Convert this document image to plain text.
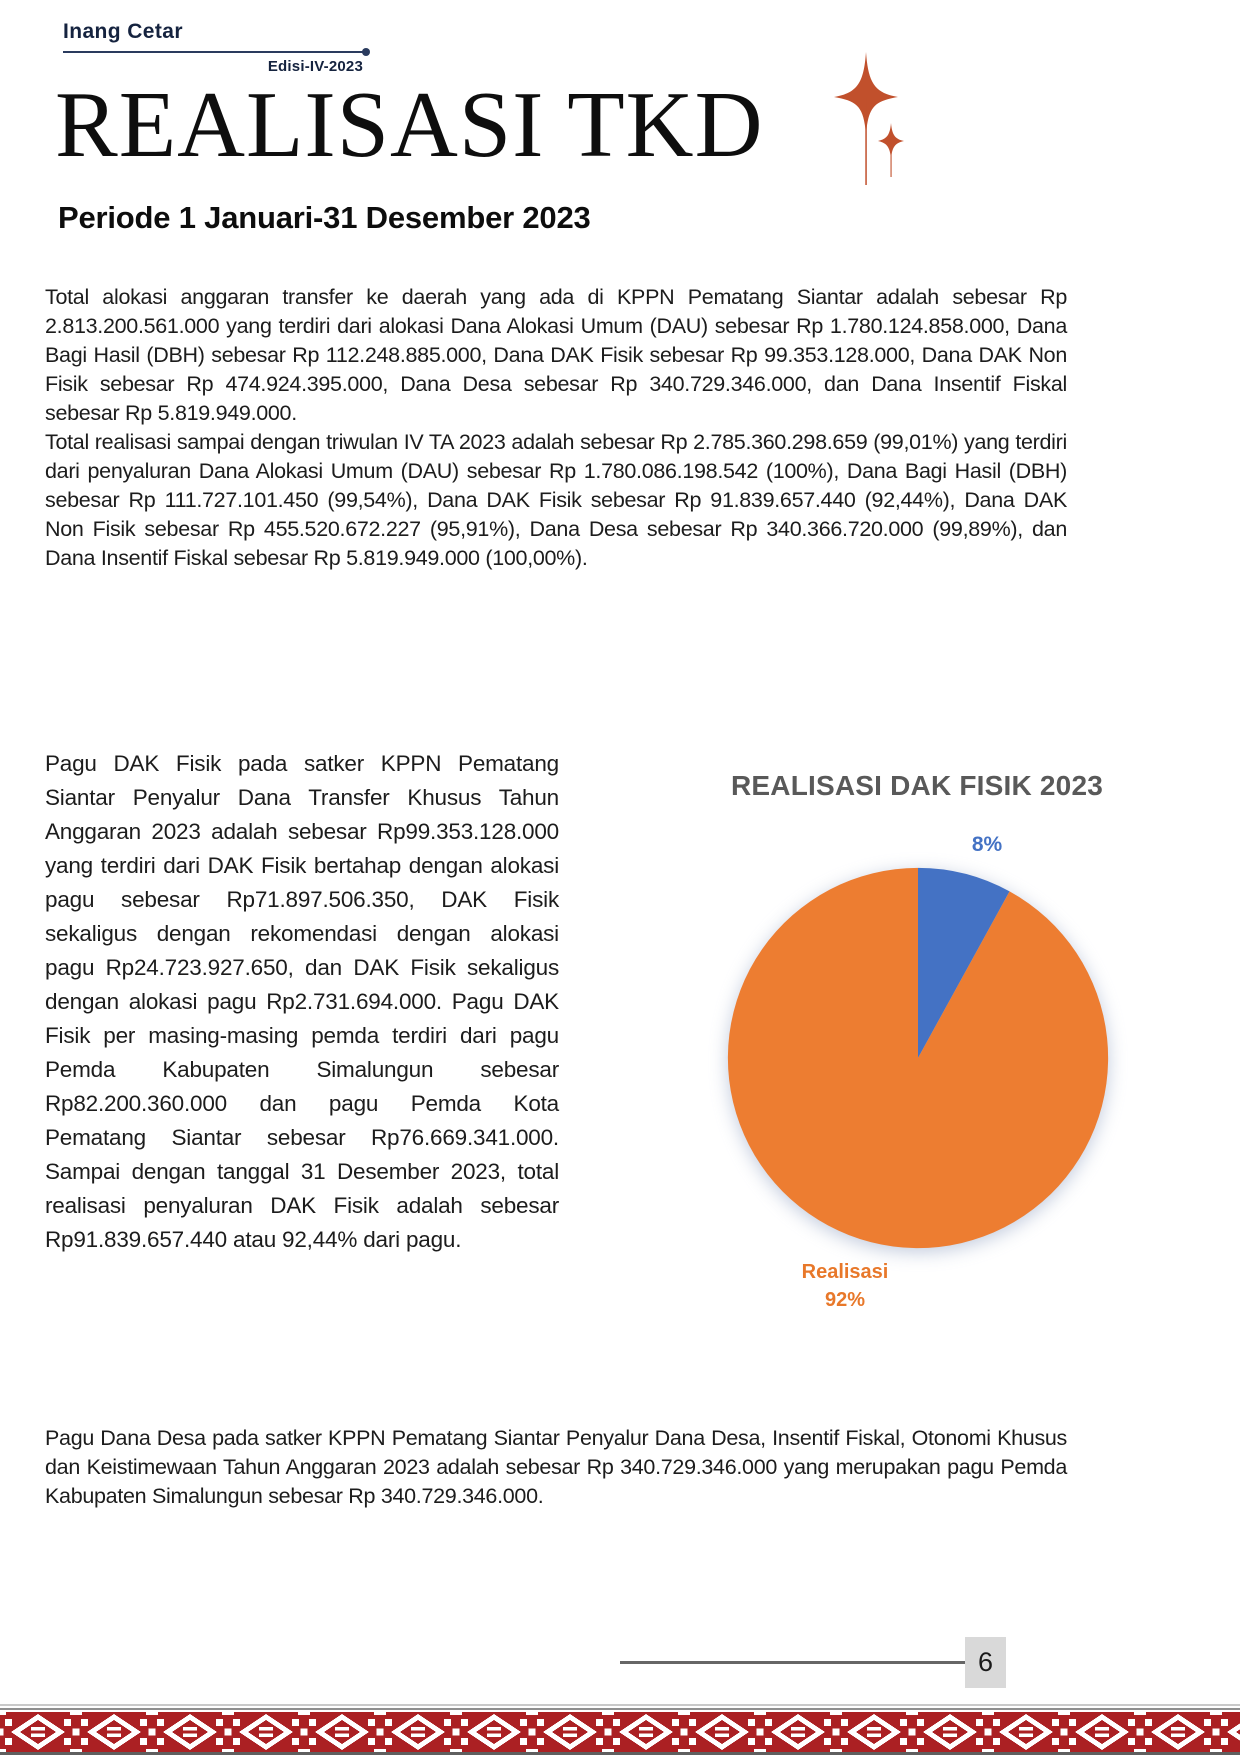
Inang Cetar
Edisi-IV-2023
REALISASI TKD
Periode 1 Januari-31 Desember 2023

Total alokasi anggaran transfer ke daerah yang ada di KPPN Pematang Siantar adalah sebesar Rp 2.813.200.561.000 yang terdiri dari alokasi Dana Alokasi Umum (DAU) sebesar Rp 1.780.124.858.000, Dana Bagi Hasil (DBH) sebesar Rp 112.248.885.000, Dana DAK Fisik sebesar Rp 99.353.128.000, Dana DAK Non Fisik sebesar Rp 474.924.395.000, Dana Desa sebesar Rp 340.729.346.000, dan Dana Insentif Fiskal sebesar Rp 5.819.949.000.

Total realisasi sampai dengan triwulan IV TA 2023 adalah sebesar Rp 2.785.360.298.659 (99,01%) yang terdiri dari penyaluran Dana Alokasi Umum (DAU) sebesar Rp 1.780.086.198.542 (100%), Dana Bagi Hasil (DBH) sebesar Rp 111.727.101.450 (99,54%), Dana DAK Fisik sebesar Rp 91.839.657.440 (92,44%), Dana DAK Non Fisik sebesar Rp 455.520.672.227 (95,91%), Dana Desa sebesar Rp 340.366.720.000 (99,89%), dan Dana Insentif Fiskal sebesar Rp 5.819.949.000 (100,00%).

Pagu DAK Fisik pada satker KPPN Pematang Siantar Penyalur Dana Transfer Khusus Tahun Anggaran 2023 adalah sebesar Rp99.353.128.000 yang terdiri dari DAK Fisik bertahap dengan alokasi pagu sebesar Rp71.897.506.350, DAK Fisik sekaligus dengan rekomendasi dengan alokasi pagu Rp24.723.927.650, dan DAK Fisik sekaligus dengan alokasi pagu Rp2.731.694.000. Pagu DAK Fisik per masing-masing pemda terdiri dari pagu Pemda Kabupaten Simalungun sebesar Rp82.200.360.000 dan pagu Pemda Kota Pematang Siantar sebesar Rp76.669.341.000. Sampai dengan tanggal 31 Desember 2023, total realisasi penyaluran DAK Fisik adalah sebesar Rp91.839.657.440 atau 92,44% dari pagu.

REALISASI DAK FISIK 2023
8%
Realisasi
92%

Pagu Dana Desa pada satker KPPN Pematang Siantar Penyalur Dana Desa, Insentif Fiskal, Otonomi Khusus dan Keistimewaan Tahun Anggaran 2023 adalah sebesar Rp 340.729.346.000 yang merupakan pagu Pemda Kabupaten Simalungun sebesar Rp 340.729.346.000.

6
